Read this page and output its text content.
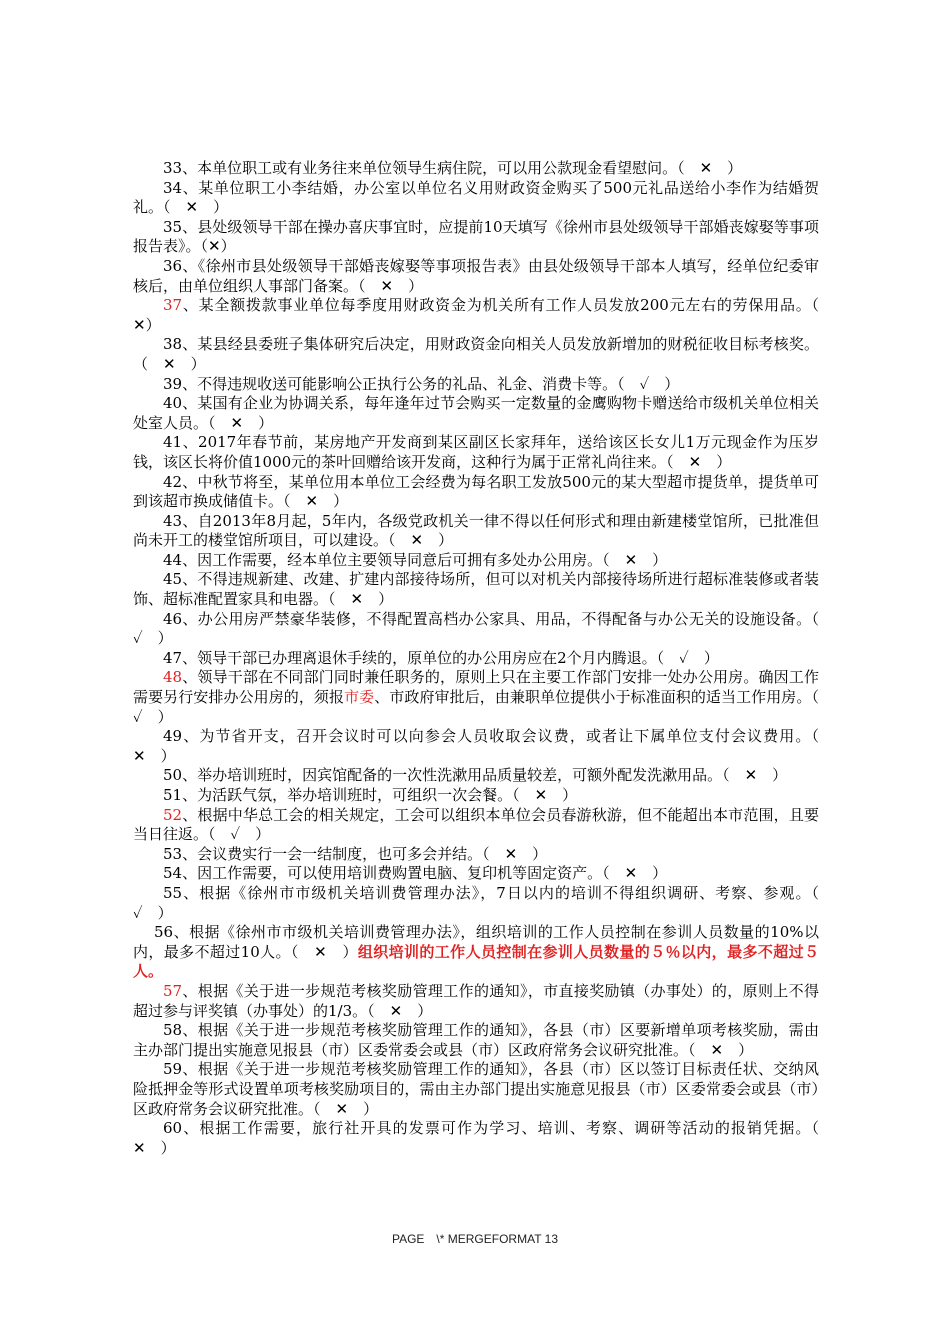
33、本单位职工或有业务往来单位领导生病住院，可以用公款现金看望慰问。（　✕　）

34、某单位职工小李结婚，办公室以单位名义用财政资金购买了500元礼品送给小李作为结婚贺礼。（　✕　）

35、县处级领导干部在操办喜庆事宜时，应提前10天填写《徐州市县处级领导干部婚丧嫁娶等事项报告表》。（✕）

36、《徐州市县处级领导干部婚丧嫁娶等事项报告表》由县处级领导干部本人填写，经单位纪委审核后，由单位组织人事部门备案。（　✕　）

37、某全额拨款事业单位每季度用财政资金为机关所有工作人员发放200元左右的劳保用品。（　✕）

38、某县经县委班子集体研究后决定，用财政资金向相关人员发放新增加的财税征收目标考核奖。（　✕　）

39、不得违规收送可能影响公正执行公务的礼品、礼金、消费卡等。（　✓　）

40、某国有企业为协调关系，每年逢年过节会购买一定数量的金鹰购物卡赠送给市级机关单位相关处室人员。（　✕　）

41、2017年春节前，某房地产开发商到某区副区长家拜年，送给该区长女儿1万元现金作为压岁钱，该区长将价值1000元的茶叶回赠给该开发商，这种行为属于正常礼尚往来。（　✕　）

42、中秋节将至，某单位用本单位工会经费为每名职工发放500元的某大型超市提货单，提货单可到该超市换成储值卡。（　✕　）

43、自2013年8月起，5年内，各级党政机关一律不得以任何形式和理由新建楼堂馆所，已批准但尚未开工的楼堂馆所项目，可以建设。（　✕　）

44、因工作需要，经本单位主要领导同意后可拥有多处办公用房。（　✕　）

45、不得违规新建、改建、扩建内部接待场所，但可以对机关内部接待场所进行超标准装修或者装饰、超标准配置家具和电器。（　✕　）

46、办公用房严禁豪华装修，不得配置高档办公家具、用品，不得配备与办公无关的设施设备。（　✓　）

47、领导干部已办理离退休手续的，原单位的办公用房应在2个月内腾退。（　✓　）

48、领导干部在不同部门同时兼任职务的，原则上只在主要工作部门安排一处办公用房。确因工作需要另行安排办公用房的，须报市委、市政府审批后，由兼职单位提供小于标准面积的适当工作用房。（　✓　）

49、为节省开支，召开会议时可以向参会人员收取会议费，或者让下属单位支付会议费用。（　✕　）

50、举办培训班时，因宾馆配备的一次性洗漱用品质量较差，可额外配发洗漱用品。（　✕　）

51、为活跃气氛，举办培训班时，可组织一次会餐。（　✕　）

52、根据中华总工会的相关规定，工会可以组织本单位会员春游秋游，但不能超出本市范围，且要当日往返。（　✓　）

53、会议费实行一会一结制度，也可多会并结。（　✕　）

54、因工作需要，可以使用培训费购置电脑、复印机等固定资产。（　✕　）

55、根据《徐州市市级机关培训费管理办法》，7日以内的培训不得组织调研、考察、参观。（　✓　）

56、根据《徐州市市级机关培训费管理办法》，组织培训的工作人员控制在参训人员数量的10%以内，最多不超过10人。（　✕　）组织培训的工作人员控制在参训人员数量的５％以内，最多不超过５人。

57、根据《关于进一步规范考核奖励管理工作的通知》，市直接奖励镇（办事处）的，原则上不得超过参与评奖镇（办事处）的1/3。（　✕　）

58、根据《关于进一步规范考核奖励管理工作的通知》，各县（市）区要新增单项考核奖励，需由主办部门提出实施意见报县（市）区委常委会或县（市）区政府常务会议研究批准。（　✕　）

59、根据《关于进一步规范考核奖励管理工作的通知》，各县（市）区以签订目标责任状、交纳风险抵押金等形式设置单项考核奖励项目的，需由主办部门提出实施意见报县（市）区委常委会或县（市）区政府常务会议研究批准。（　✕　）

60、根据工作需要，旅行社开具的发票可作为学习、培训、考察、调研等活动的报销凭据。（　✕　）

PAGE　\* MERGEFORMAT 13
